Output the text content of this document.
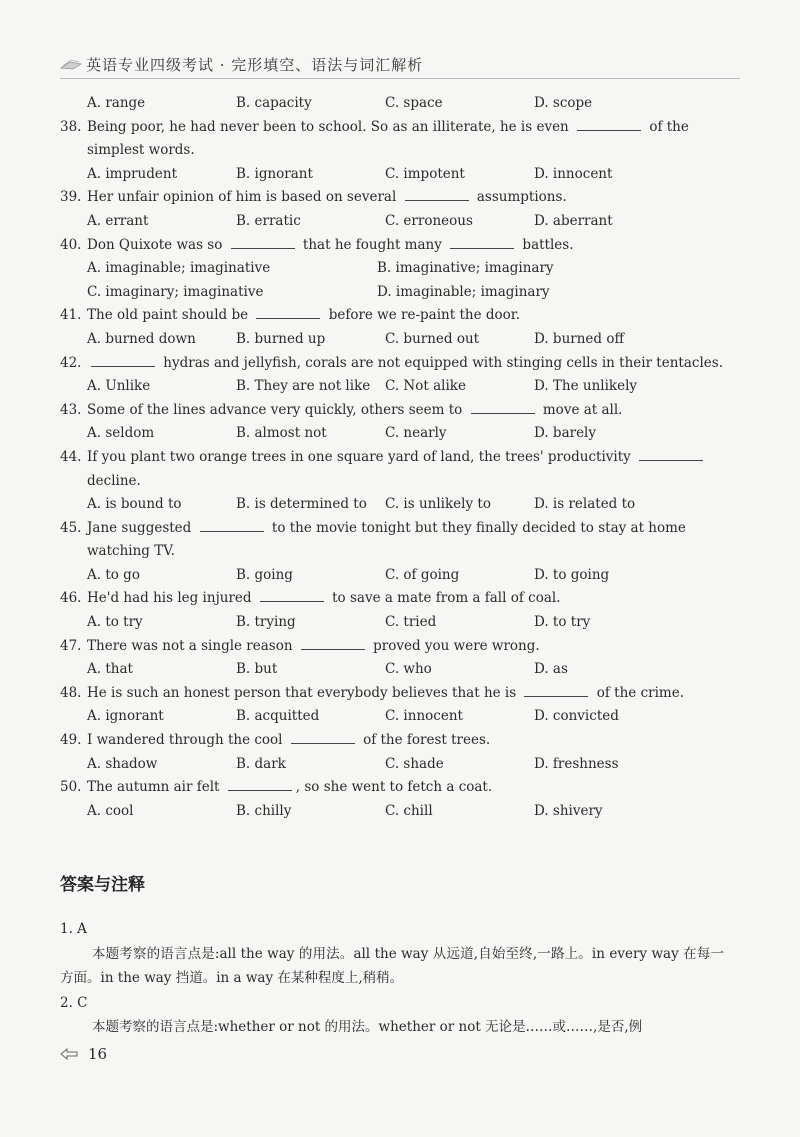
英语专业四级考试 · 完形填空、语法与词汇解析
A. range	B. capacity	C. space	D. scope
38. Being poor, he had never been to school. So as an illiterate, he is even	of the
simplest words.
A. imprudent	B. ignorant	C. impotent	D. innocent
39. Her unfair opinion of him is based on several	assumptions.
A. errant	B. erratic	C. erroneous	D. aberrant
40. Don Quixote was so	that he fought many	battles.
A. imaginable; imaginative	B. imaginative; imaginary
C. imaginary; imaginative	D. imaginable; imaginary
41. The old paint should be	before we re-paint the door.
A. burned down	B. burned up	C. burned out	D. burned off
42.	hydras and jellyfish, corals are not equipped with stinging cells in their tentacles.
A. Unlike	B. They are not like	C. Not alike	D. The unlikely
43. Some of the lines advance very quickly, others seem to	move at all.
A. seldom	B. almost not	C. nearly	D. barely
44. If you plant two orange trees in one square yard of land, the trees' productivity
decline.
A. is bound to	B. is determined to	C. is unlikely to	D. is related to
45. Jane suggested	to the movie tonight but they finally decided to stay at home
watching TV.
A. to go	B. going	C. of going	D. to going
46. He'd had his leg injured	to save a mate from a fall of coal.
A. to try	B. trying	C. tried	D. to try
47. There was not a single reason	proved you were wrong.
A. that	B. but	C. who	D. as
48. He is such an honest person that everybody believes that he is	of the crime.
A. ignorant	B. acquitted	C. innocent	D. convicted
49. I wandered through the cool	of the forest trees.
A. shadow	B. dark	C. shade	D. freshness
50. The autumn air felt	, so she went to fetch a coat.
A. cool	B. chilly	C. chill	D. shivery
答案与注释
1. A
本题考察的语言点是:all the way 的用法。all the way 从远道,自始至终,一路上。in every way 在每一方面。in the way 挡道。in a way 在某种程度上,稍稍。
2. C
本题考察的语言点是:whether or not 的用法。whether or not 无论是……或……,是否,例
16
